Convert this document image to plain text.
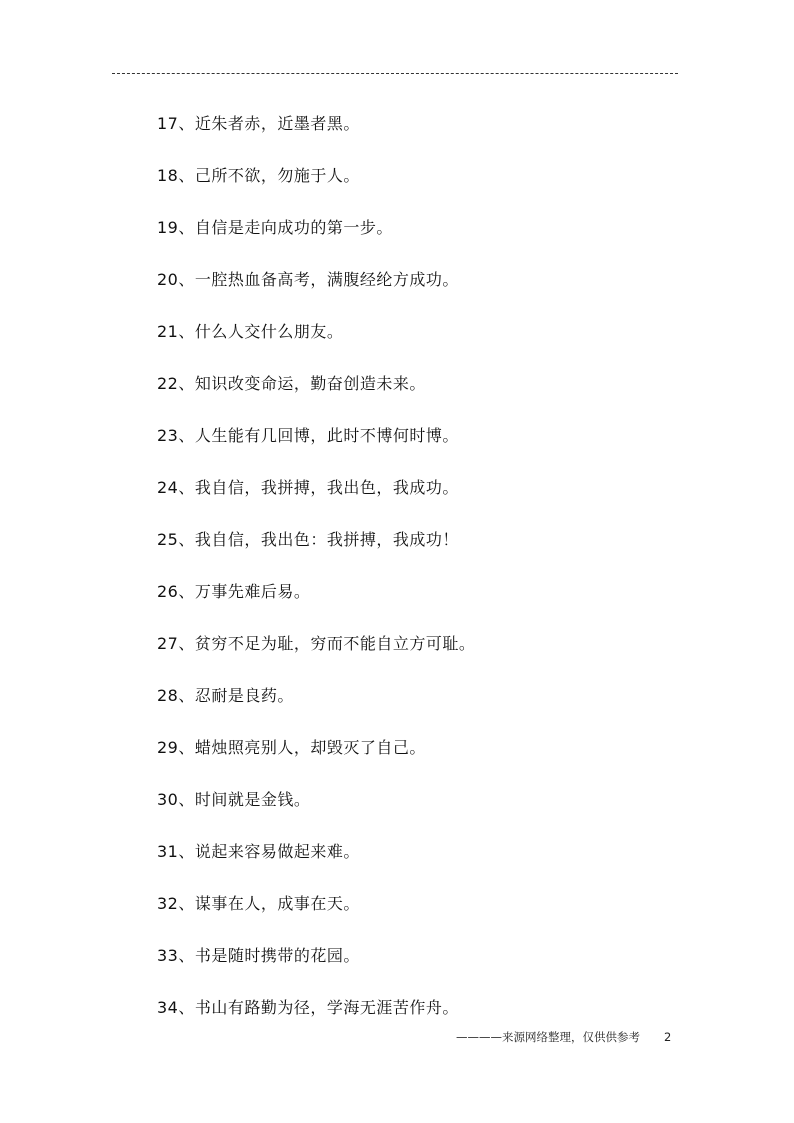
17、近朱者赤，近墨者黑。
18、己所不欲，勿施于人。
19、自信是走向成功的第一步。
20、一腔热血备高考，满腹经纶方成功。
21、什么人交什么朋友。
22、知识改变命运，勤奋创造未来。
23、人生能有几回博，此时不博何时博。
24、我自信，我拼搏，我出色，我成功。
25、我自信，我出色：我拼搏，我成功！
26、万事先难后易。
27、贫穷不足为耻，穷而不能自立方可耻。
28、忍耐是良药。
29、蜡烛照亮别人，却毁灭了自己。
30、时间就是金钱。
31、说起来容易做起来难。
32、谋事在人，成事在天。
33、书是随时携带的花园。
34、书山有路勤为径，学海无涯苦作舟。
————来源网络整理，仅供供参考 2
